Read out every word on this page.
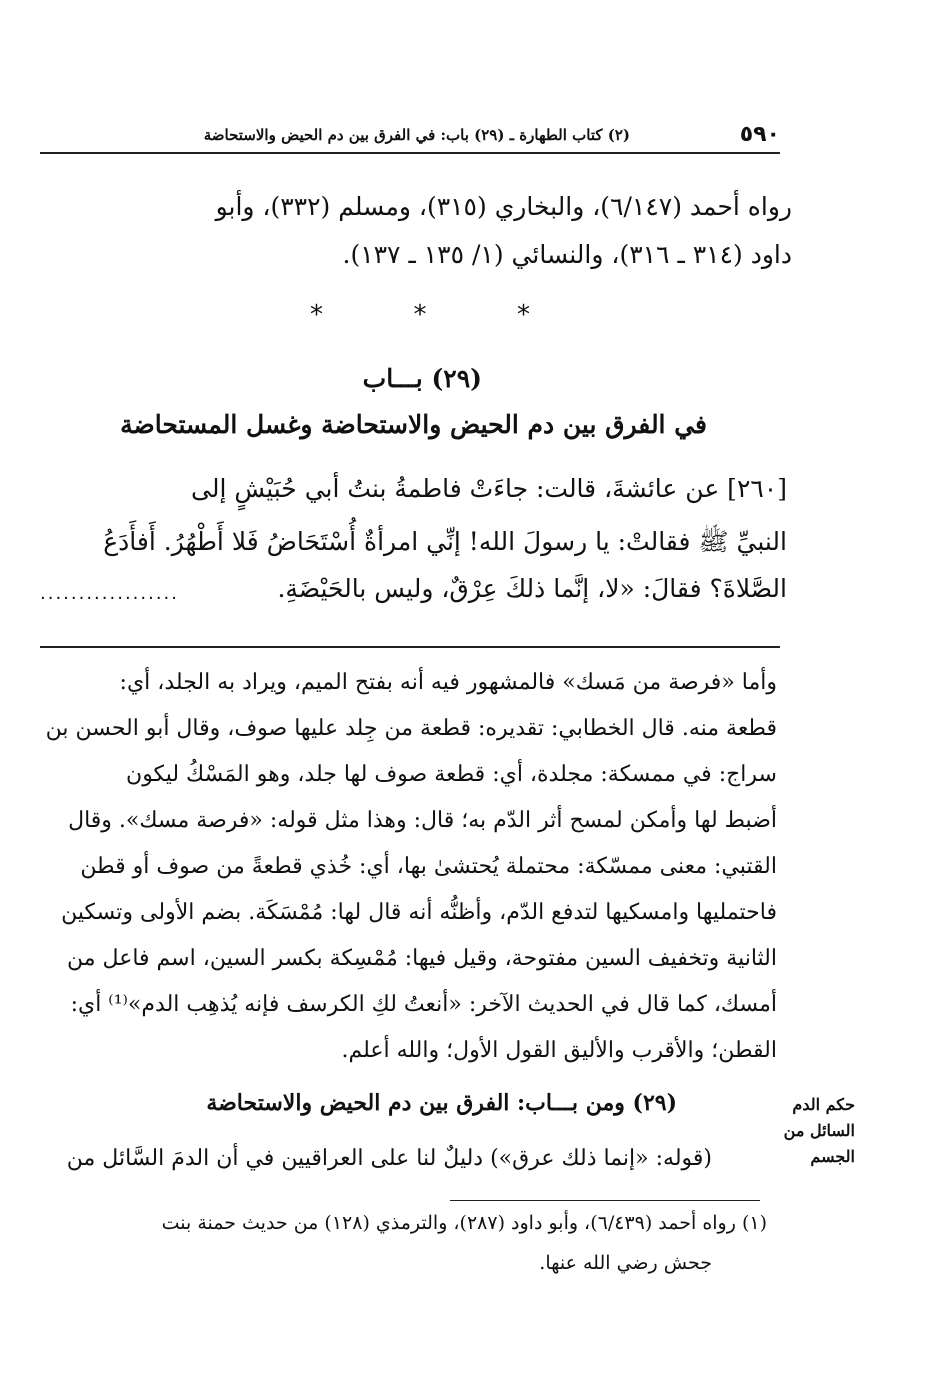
٥٩٠
(٢) كتاب الطهارة ـ (٢٩) باب: في الفرق بين دم الحيض والاستحاضة
رواه أحمد (٦/١٤٧)، والبخاري (٣١٥)، ومسلم (٣٣٢)، وأبو
داود (٣١٤ ـ ٣١٦)، والنسائي (١/ ١٣٥ ـ ١٣٧).
*	*	*
(٢٩) بـــاب
في الفرق بين دم الحيض والاستحاضة وغسل المستحاضة
[٢٦٠] عن عائشةَ، قالت: جاءَتْ فاطمةُ بنتُ أبي حُبَيْشٍ إلى
النبيِّ ﷺ فقالتْ: يا رسولَ الله! إنِّي امرأةٌ أُسْتَحَاضُ فَلا أَطْهُرُ. أَفأَدَعُ
الصَّلاةَ؟ فقالَ: «لا، إنَّما ذلكَ عِرْقٌ، وليس بالحَيْضَةِ.
..................
وأما «فرصة من مَسك» فالمشهور فيه أنه بفتح الميم، ويراد به الجلد، أي:
قطعة منه. قال الخطابي: تقديره: قطعة من جِلد عليها صوف، وقال أبو الحسن بن
سراج: في ممسكة: مجلدة، أي: قطعة صوف لها جلد، وهو المَسْكُ ليكون
أضبط لها وأمكن لمسح أثر الدّم به؛ قال: وهذا مثل قوله: «فرصة مسك». وقال
القتبي: معنى ممسّكة: محتملة يُحتشىٰ بها، أي: خُذي قطعةً من صوف أو قطن
فاحتمليها وامسكيها لتدفع الدّم، وأظنُّه أنه قال لها: مُمْسَكَة. بضم الأولى وتسكين
الثانية وتخفيف السين مفتوحة، وقيل فيها: مُمْسِكة بكسر السين، اسم فاعل من
أمسك، كما قال في الحديث الآخر: «أنعتُ لكِ الكرسف فإنه يُذهِب الدم»⁽¹⁾ أي:
القطن؛ والأقرب والأليق القول الأول؛ والله أعلم.
(٢٩) ومن بـــاب: الفرق بين دم الحيض والاستحاضة
(قوله: «إنما ذلك عرق») دليلٌ لنا على العراقيين في أن الدمَ السَّائل من
حكم الدم
السائل من
الجسم
(١) رواه أحمد (٦/٤٣٩)، وأبو داود (٢٨٧)، والترمذي (١٢٨) من حديث حمنة بنت
جحش رضي الله عنها.
